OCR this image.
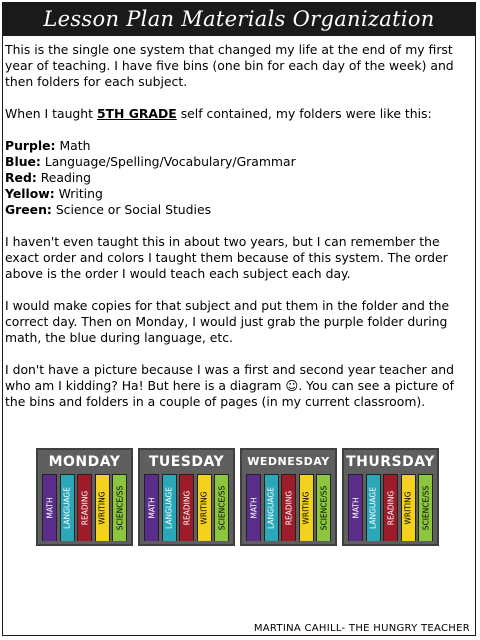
Lesson Plan Materials Organization

This is the single one system that changed my life at the end of my first year of teaching. I have five bins (one bin for each day of the week) and then folders for each subject.

When I taught 5TH GRADE self contained, my folders were like this:

Purple: Math
Blue: Language/Spelling/Vocabulary/Grammar
Red: Reading
Yellow: Writing
Green: Science or Social Studies

I haven't even taught this in about two years, but I can remember the exact order and colors I taught them because of this system. The order above is the order I would teach each subject each day.

I would make copies for that subject and put them in the folder and the correct day. Then on Monday, I would just grab the purple folder during math, the blue during language, etc.

I don't have a picture because I was a first and second year teacher and who am I kidding? Ha! But here is a diagram ☺. You can see a picture of the bins and folders in a couple of pages (in my current classroom).

MONDAY
MATH LANGUAGE READING WRITING SCIENCE/SS
TUESDAY
MATH LANGUAGE READING WRITING SCIENCE/SS
WEDNESDAY
MATH LANGUAGE READING WRITING SCIENCE/SS
THURSDAY
MATH LANGUAGE READING WRITING SCIENCE/SS
MARTINA CAHILL- THE HUNGRY TEACHER
